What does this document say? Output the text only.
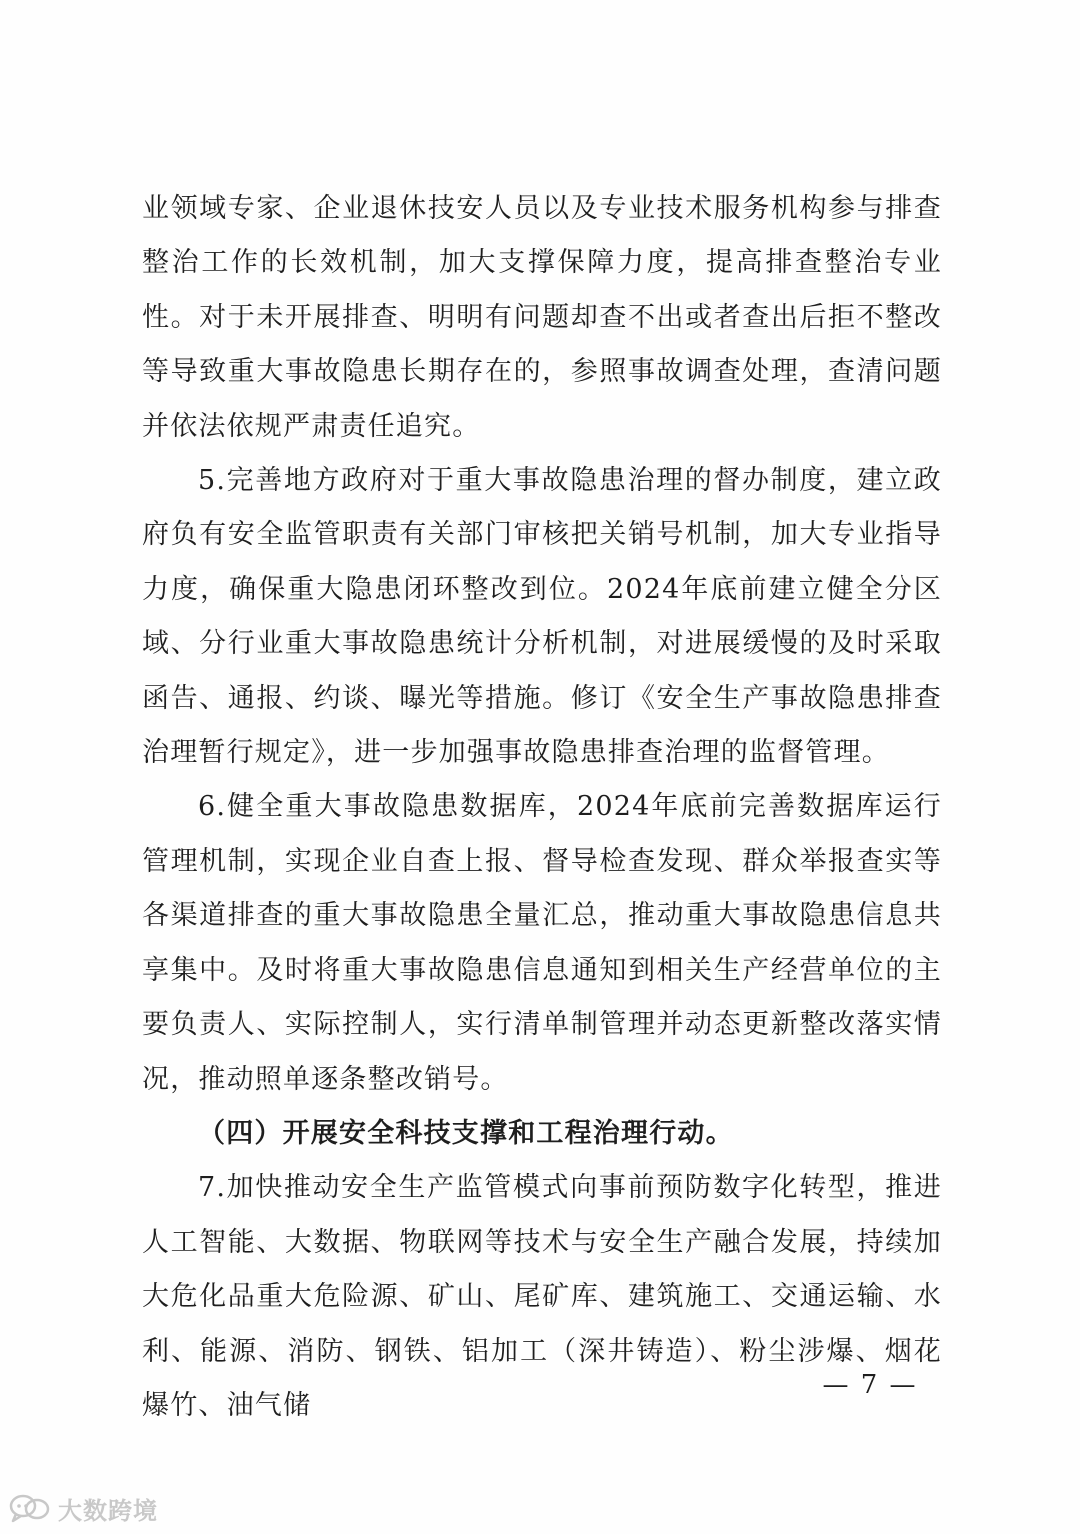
业领域专家、企业退休技安人员以及专业技术服务机构参与排查整治工作的长效机制，加大支撑保障力度，提高排查整治专业性。对于未开展排查、明明有问题却查不出或者查出后拒不整改等导致重大事故隐患长期存在的，参照事故调查处理，查清问题并依法依规严肃责任追究。

5.完善地方政府对于重大事故隐患治理的督办制度，建立政府负有安全监管职责有关部门审核把关销号机制，加大专业指导力度，确保重大隐患闭环整改到位。2024年底前建立健全分区域、分行业重大事故隐患统计分析机制，对进展缓慢的及时采取函告、通报、约谈、曝光等措施。修订《安全生产事故隐患排查治理暂行规定》，进一步加强事故隐患排查治理的监督管理。

6.健全重大事故隐患数据库，2024年底前完善数据库运行管理机制，实现企业自查上报、督导检查发现、群众举报查实等各渠道排查的重大事故隐患全量汇总，推动重大事故隐患信息共享集中。及时将重大事故隐患信息通知到相关生产经营单位的主要负责人、实际控制人，实行清单制管理并动态更新整改落实情况，推动照单逐条整改销号。

（四）开展安全科技支撑和工程治理行动。

7.加快推动安全生产监管模式向事前预防数字化转型，推进人工智能、大数据、物联网等技术与安全生产融合发展，持续加大危化品重大危险源、矿山、尾矿库、建筑施工、交通运输、水利、能源、消防、钢铁、铝加工（深井铸造）、粉尘涉爆、烟花爆竹、油气储

— 7 —
大数跨境
